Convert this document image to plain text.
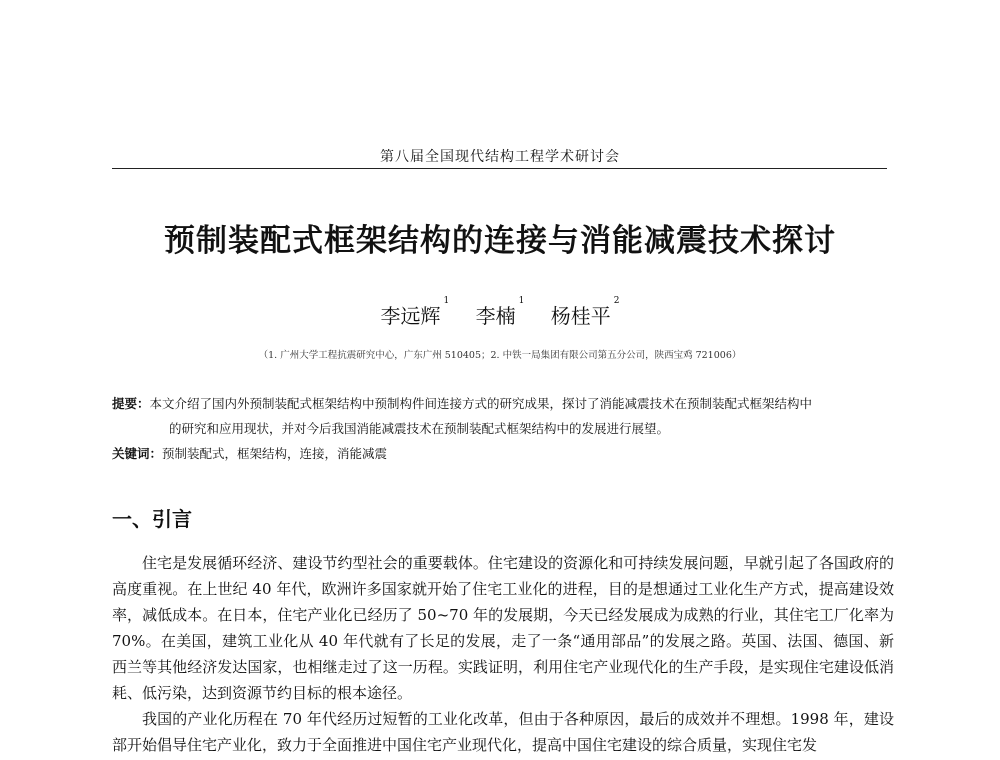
第八届全国现代结构工程学术研讨会
预制装配式框架结构的连接与消能减震技术探讨
李远辉$^1$ 李楠$^1$ 杨桂平$^2$
（1. 广州大学工程抗震研究中心，广东广州 510405；2. 中铁一局集团有限公司第五分公司，陕西宝鸡 721006）
提要：本文介绍了国内外预制装配式框架结构中预制构件间连接方式的研究成果，探讨了消能减震技术在预制装配式框架结构中
的研究和应用现状，并对今后我国消能减震技术在预制装配式框架结构中的发展进行展望。
关键词：预制装配式，框架结构，连接，消能减震
一、引言

住宅是发展循环经济、建设节约型社会的重要载体。住宅建设的资源化和可持续发展问题，早就引起了各国政府的高度重视。在上世纪 40 年代，欧洲许多国家就开始了住宅工业化的进程，目的是想通过工业化生产方式，提高建设效率，减低成本。在日本，住宅产业化已经历了 50~70 年的发展期，今天已经发展成为成熟的行业，其住宅工厂化率为 70%。在美国，建筑工业化从 40 年代就有了长足的发展，走了一条“通用部品”的发展之路。英国、法国、德国、新西兰等其他经济发达国家，也相继走过了这一历程。实践证明，利用住宅产业现代化的生产手段，是实现住宅建设低消耗、低污染，达到资源节约目标的根本途径。

我国的产业化历程在 70 年代经历过短暂的工业化改革，但由于各种原因，最后的成效并不理想。1998 年，建设部开始倡导住宅产业化，致力于全面推进中国住宅产业现代化，提高中国住宅建设的综合质量，实现住宅发
